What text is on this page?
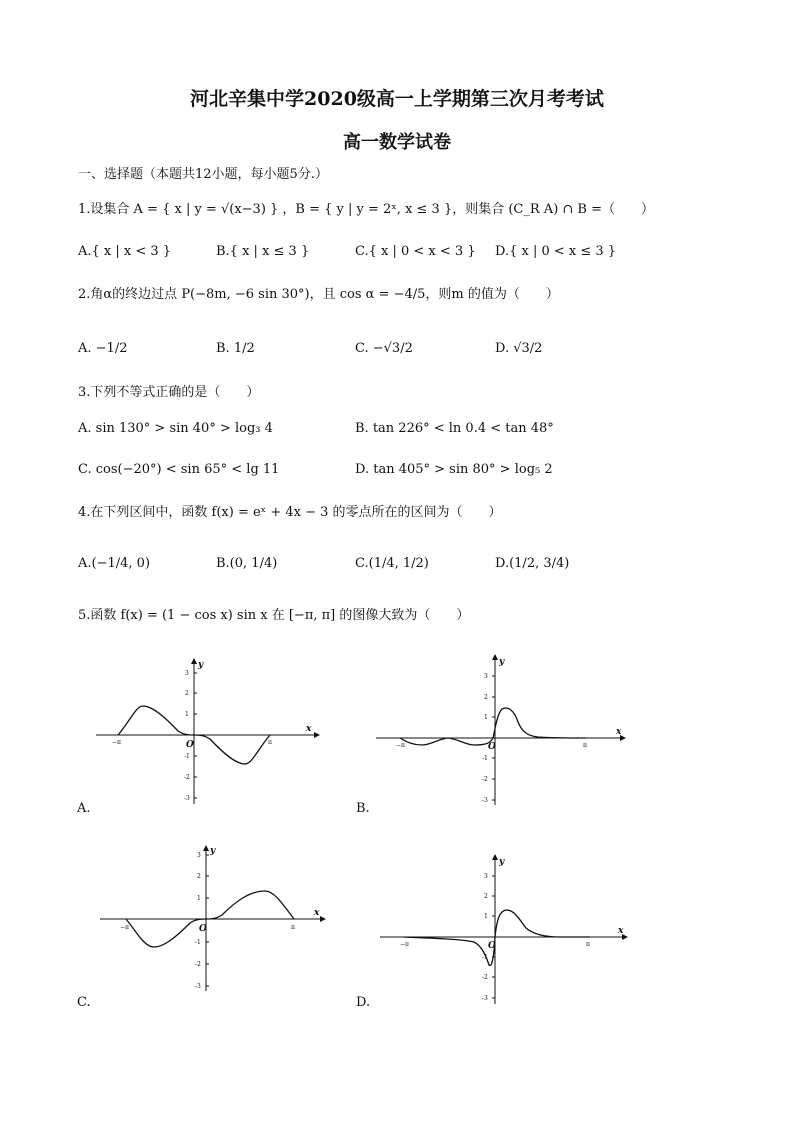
河北辛集中学2020级高一上学期第三次月考考试
高一数学试卷
一、选择题（本题共12小题，每小题5分.）
1.设集合 A = { x | y = √(x−3) } ，B = { y | y = 2ˣ, x ≤ 3 }，则集合 (C_R A) ∩ B =（　　）
A.{ x | x < 3 }	B.{ x | x ≤ 3 }	C.{ x | 0 < x < 3 } D.{ x | 0 < x ≤ 3 }
2.角α的终边过点 P(−8m, −6 sin 30°)，且 cos α = −4/5，则m 的值为（　　）
A. −1/2	B. 1/2	C. −√3/2	D. √3/2
3.下列不等式正确的是（　　）
A. sin 130° > sin 40° > log₃ 4	B. tan 226° < ln 0.4 < tan 48°
C. cos(−20°) < sin 65° < lg 11	D. tan 405° > sin 80° > log₅ 2
4.在下列区间中，函数 f(x) = eˣ + 4x − 3 的零点所在的区间为（　　）
A.(−1/4, 0)	B.(0, 1/4)	C.(1/4, 1/2)	D.(1/2, 3/4)
5.函数 f(x) = (1 − cos x) sin x 在 [−π, π] 的图像大致为（　　）
3
2
1
-1
-2
-3
−π	π
O
x
y
A.
3
2
1
-1
-2
-3
−π	π
O
x
y
B.
3
2
1
-1
-2
-3
−π	π
O
x
y
C.
3
2
1
-1
-2
-3
−π	π
O
x
y
D.
